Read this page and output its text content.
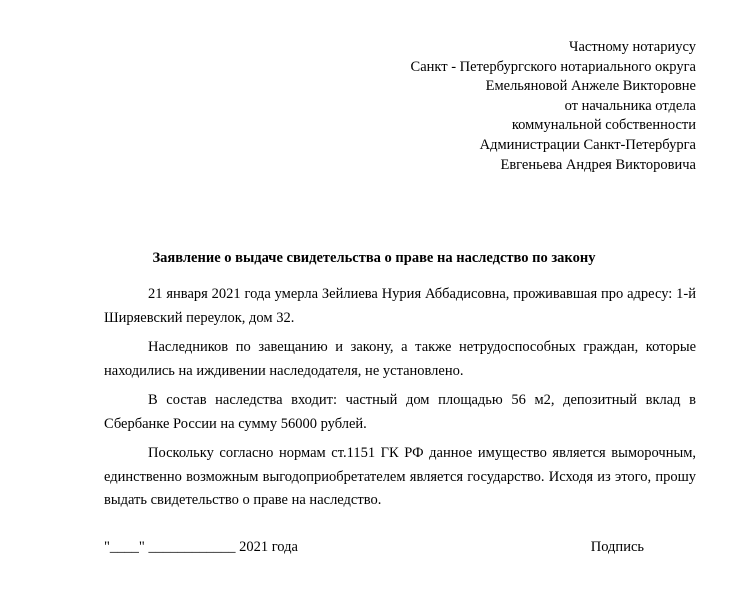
Частному нотариусу
Санкт - Петербургского нотариального округа
Емельяновой Анжеле Викторовне
от начальника отдела
коммунальной собственности
Администрации Санкт-Петербурга
Евгеньева Андрея Викторовича
Заявление о выдаче свидетельства о праве на наследство по закону

21 января 2021 года умерла Зейлиева Нурия Аббадисовна, проживавшая про адресу: 1-й Ширяевский переулок, дом 32.

Наследников по завещанию и закону, а также нетрудоспособных граждан, которые находились на иждивении наследодателя, не установлено.

В состав наследства входит: частный дом площадью 56 м2, депозитный вклад в Сбербанке России на сумму 56000 рублей.

Поскольку согласно нормам ст.1151 ГК РФ данное имущество является выморочным, единственно возможным выгодоприобретателем является государство. Исходя из этого, прошу выдать свидетельство о праве на наследство.

"____" ____________ 2021 года	Подпись
